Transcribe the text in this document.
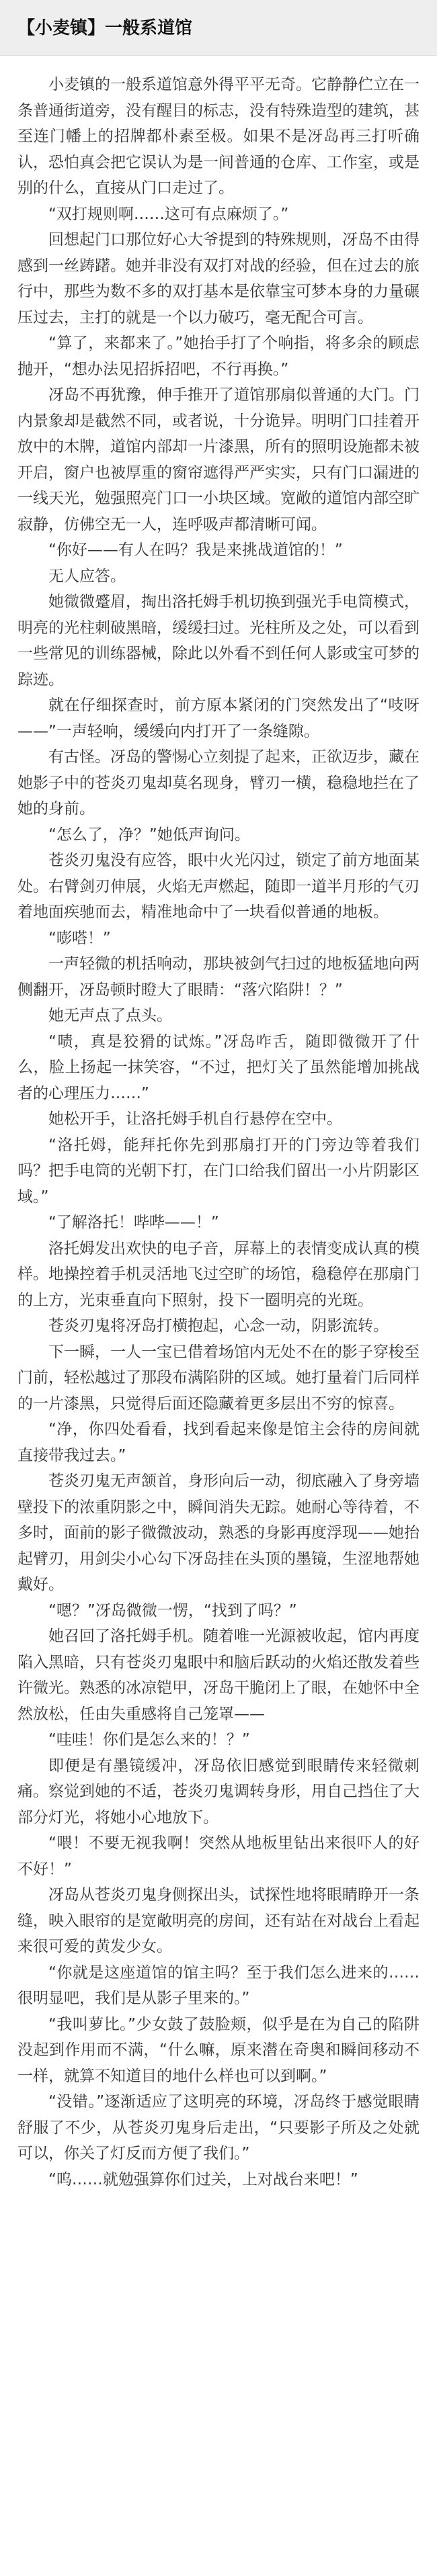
【小麦镇】一般系道馆

小麦镇的一般系道馆意外得平平无奇。它静静伫立在一条普通街道旁，没有醒目的标志，没有特殊造型的建筑，甚至连门幡上的招牌都朴素至极。如果不是冴岛再三打听确认，恐怕真会把它误认为是一间普通的仓库、工作室，或是别的什么，直接从门口走过了。

“双打规则啊……这可有点麻烦了。”

回想起门口那位好心大爷提到的特殊规则，冴岛不由得感到一丝踌躇。她并非没有双打对战的经验，但在过去的旅行中，那些为数不多的双打基本是依靠宝可梦本身的力量碾压过去，主打的就是一个以力破巧，毫无配合可言。

“算了，来都来了。”她抬手打了个响指，将多余的顾虑抛开，“想办法见招拆招吧，不行再换。”

冴岛不再犹豫，伸手推开了道馆那扇似普通的大门。门内景象却是截然不同，或者说，十分诡异。明明门口挂着开放中的木牌，道馆内部却一片漆黑，所有的照明设施都未被开启，窗户也被厚重的窗帘遮得严严实实，只有门口漏进的一线天光，勉强照亮门口一小块区域。宽敞的道馆内部空旷寂静，仿佛空无一人，连呼吸声都清晰可闻。

“你好——有人在吗？我是来挑战道馆的！”

无人应答。

她微微蹙眉，掏出洛托姆手机切换到强光手电筒模式，明亮的光柱刺破黑暗，缓缓扫过。光柱所及之处，可以看到一些常见的训练器械，除此以外看不到任何人影或宝可梦的踪迹。

就在仔细探查时，前方原本紧闭的门突然发出了“吱呀——”一声轻响，缓缓向内打开了一条缝隙。

有古怪。冴岛的警惕心立刻提了起来，正欲迈步，藏在她影子中的苍炎刃鬼却莫名现身，臂刃一横，稳稳地拦在了她的身前。

“怎么了，净？”她低声询问。

苍炎刃鬼没有应答，眼中火光闪过，锁定了前方地面某处。右臂剑刃伸展，火焰无声燃起，随即一道半月形的气刃着地面疾驰而去，精准地命中了一块看似普通的地板。

“嘭嗒！”

一声轻微的机括响动，那块被剑气扫过的地板猛地向两侧翻开，冴岛顿时瞪大了眼睛：“落穴陷阱！？”

她无声点了点头。

“啧，真是狡猾的试炼。”冴岛咋舌，随即微微开了什么，脸上扬起一抹笑容，“不过，把灯关了虽然能增加挑战者的心理压力……”

她松开手，让洛托姆手机自行悬停在空中。

“洛托姆，能拜托你先到那扇打开的门旁边等着我们吗？把手电筒的光朝下打，在门口给我们留出一小片阴影区域。”

“了解洛托！哔哔——！”

洛托姆发出欢快的电子音，屏幕上的表情变成认真的模样。地操控着手机灵活地飞过空旷的场馆，稳稳停在那扇门的上方，光束垂直向下照射，投下一圈明亮的光斑。

苍炎刃鬼将冴岛打横抱起，心念一动，阴影流转。

下一瞬，一人一宝已借着场馆内无处不在的影子穿梭至门前，轻松越过了那段布满陷阱的区域。她打量着门后同样的一片漆黑，只觉得后面还隐藏着更多层出不穷的惊喜。

“净，你四处看看，找到看起来像是馆主会待的房间就直接带我过去。”

苍炎刃鬼无声颔首，身形向后一动，彻底融入了身旁墙壁投下的浓重阴影之中，瞬间消失无踪。她耐心等待着，不多时，面前的影子微微波动，熟悉的身影再度浮现——她抬起臂刃，用剑尖小心勾下冴岛挂在头顶的墨镜，生涩地帮她戴好。

“嗯？”冴岛微微一愣，“找到了吗？”

她召回了洛托姆手机。随着唯一光源被收起，馆内再度陷入黑暗，只有苍炎刃鬼眼中和脑后跃动的火焰还散发着些许微光。熟悉的冰凉铠甲，冴岛干脆闭上了眼，在她怀中全然放松，任由失重感将自己笼罩——

“哇哇！你们是怎么来的！？”

即便是有墨镜缓冲，冴岛依旧感觉到眼睛传来轻微刺痛。察觉到她的不适，苍炎刃鬼调转身形，用自己挡住了大部分灯光，将她小心地放下。

“喂！不要无视我啊！突然从地板里钻出来很吓人的好不好！”

冴岛从苍炎刃鬼身侧探出头，试探性地将眼睛睁开一条缝，映入眼帘的是宽敞明亮的房间，还有站在对战台上看起来很可爱的黄发少女。

“你就是这座道馆的馆主吗？至于我们怎么进来的……很明显吧，我们是从影子里来的。”

“我叫萝比。”少女鼓了鼓脸颊，似乎是在为自己的陷阱没起到作用而不满，“什么嘛，原来潜在奇奥和瞬间移动不一样，就算不知道目的地什么样也可以到啊。”

“没错。”逐渐适应了这明亮的环境，冴岛终于感觉眼睛舒服了不少，从苍炎刃鬼身后走出，“只要影子所及之处就可以，你关了灯反而方便了我们。”

“呜……就勉强算你们过关，上对战台来吧！”
